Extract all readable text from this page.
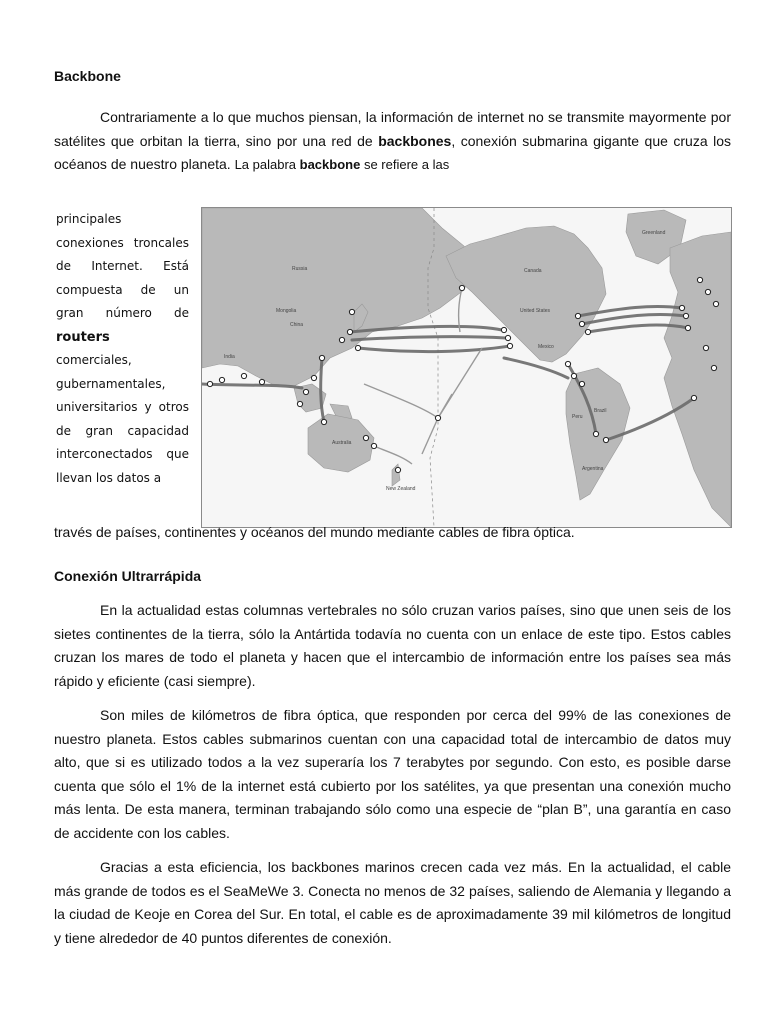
Backbone
Contrariamente a lo que muchos piensan, la información de internet no se transmite mayormente por satélites que orbitan la tierra, sino por una red de backbones, conexión submarina gigante que cruza los océanos de nuestro planeta. La palabra backbone se refiere a las
principales conexiones troncales de Internet. Está compuesta de un gran número de routers comerciales, gubernamentales, universitarios y otros de gran capacidad interconectados que llevan los datos a
Mongolia
China
Russia
India
Australia
New Zealand
Canada
United States
Mexico
Greenland
Brazil
Peru
Argentina
través de países, continentes y océanos del mundo mediante cables de fibra óptica.
Conexión Ultrarrápida
En la actualidad estas columnas vertebrales no sólo cruzan varios países, sino que unen seis de los sietes continentes de la tierra, sólo la Antártida todavía no cuenta con un enlace de este tipo. Estos cables cruzan los mares de todo el planeta y hacen que el intercambio de información entre los países sea más rápido y eficiente (casi siempre).
Son miles de kilómetros de fibra óptica, que responden por cerca del 99% de las conexiones de nuestro planeta. Estos cables submarinos cuentan con una capacidad total de intercambio de datos muy alto, que si es utilizado todos a la vez superaría los 7 terabytes por segundo. Con esto, es posible darse cuenta que sólo el 1% de la internet está cubierto por los satélites, ya que presentan una conexión mucho más lenta. De esta manera, terminan trabajando sólo como una especie de “plan B”, una garantía en caso de accidente con los cables.
Gracias a esta eficiencia, los backbones marinos crecen cada vez más. En la actualidad, el cable más grande de todos es el SeaMeWe 3. Conecta no menos de 32 países, saliendo de Alemania y llegando a la ciudad de Keoje en Corea del Sur. En total, el cable es de aproximadamente 39 mil kilómetros de longitud y tiene alrededor de 40 puntos diferentes de conexión.
